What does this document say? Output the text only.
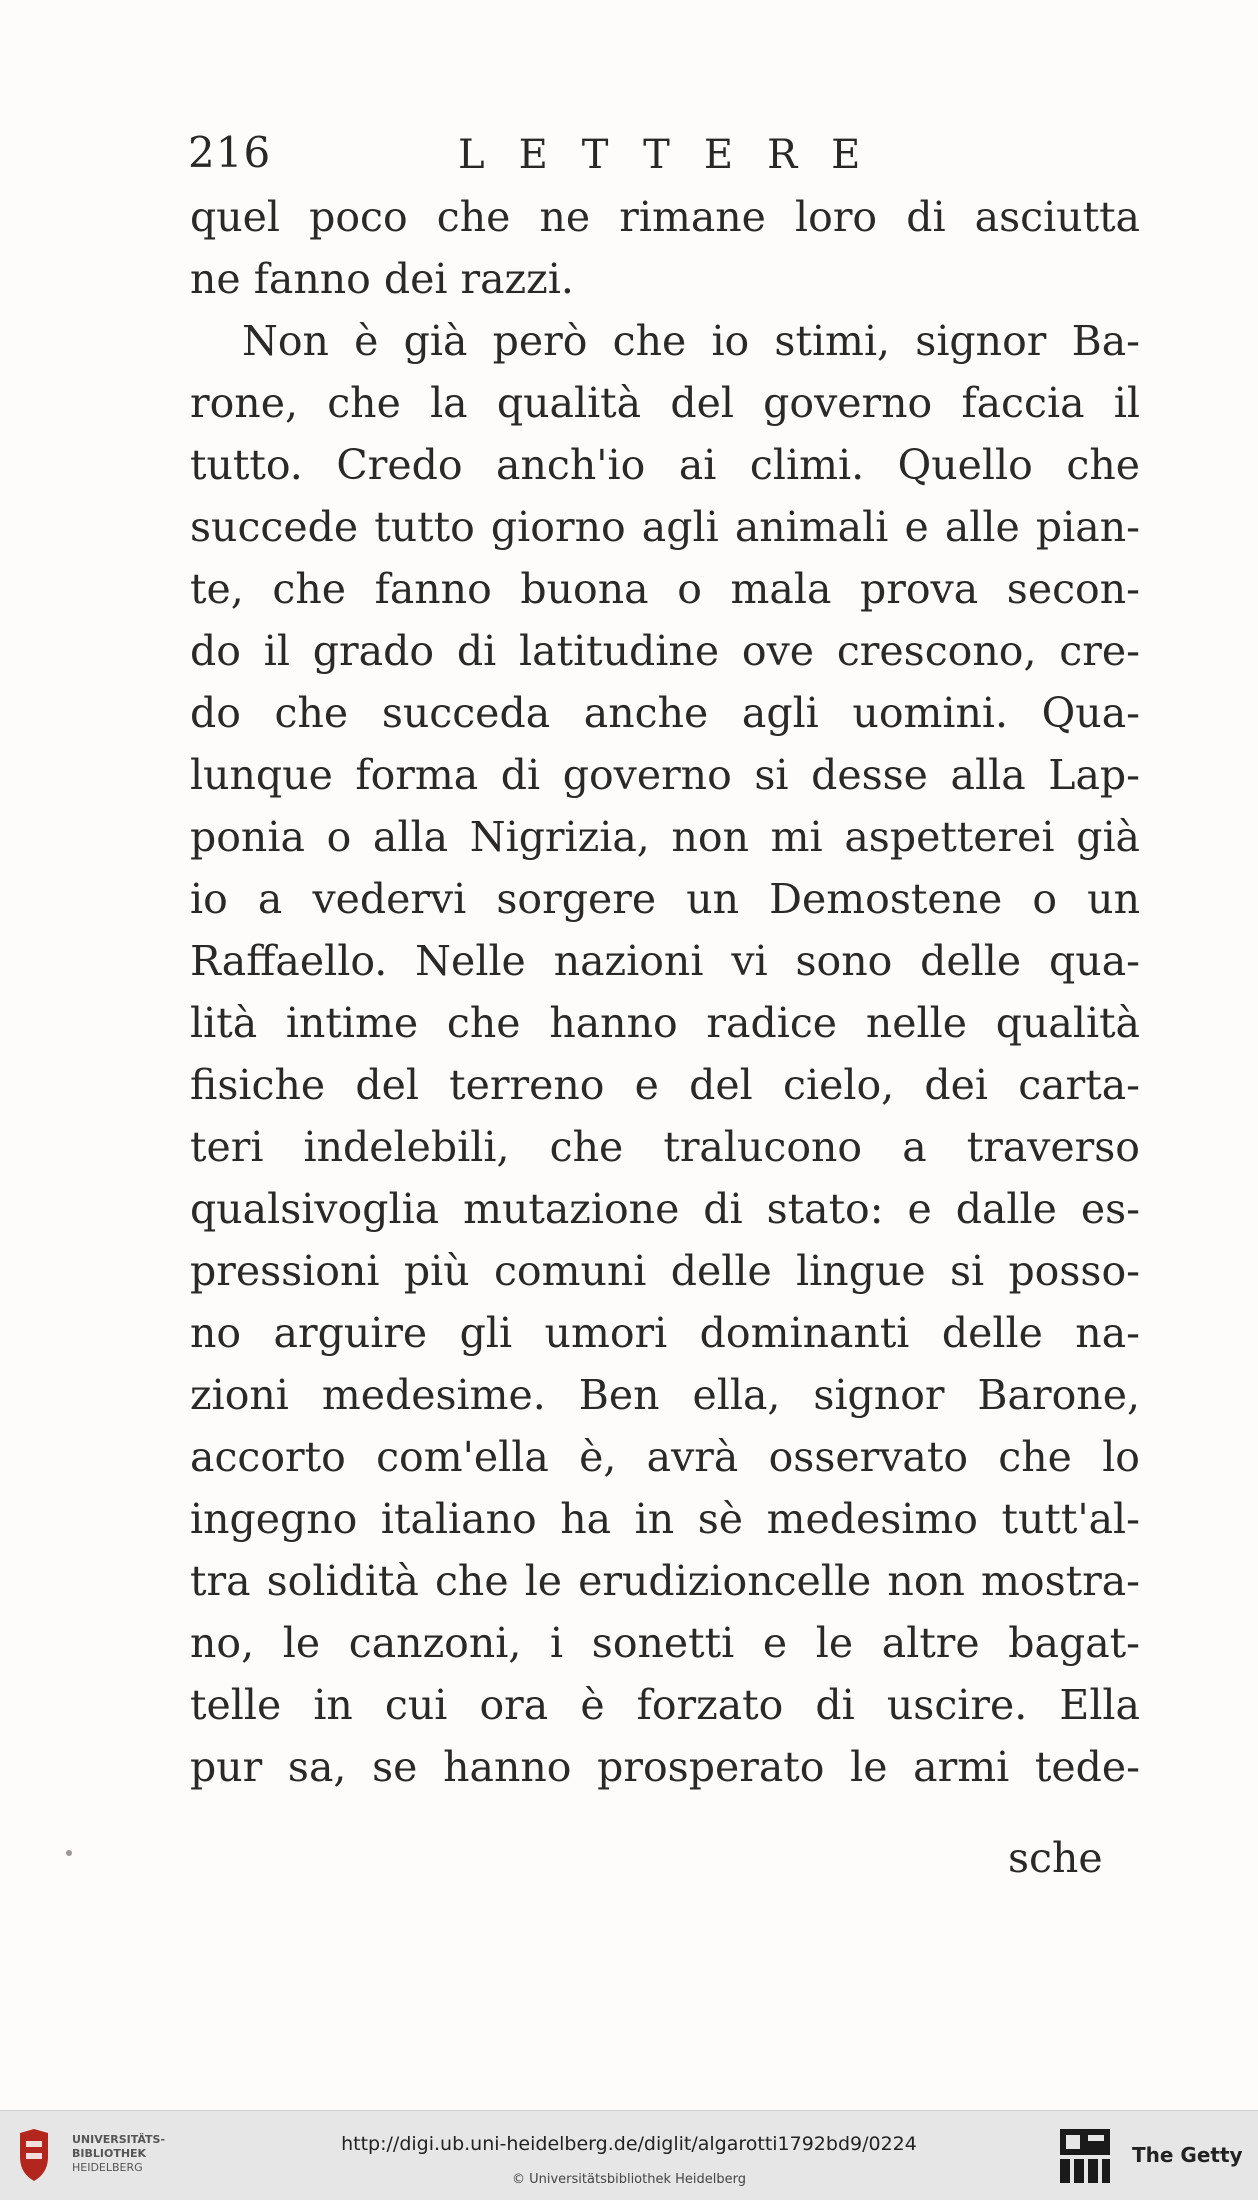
216	LETTERE
quel poco che ne rimane loro di asciutta
ne fanno dei razzi.
Non è già però che io stimi, signor Ba-
rone, che la qualità del governo faccia il
tutto. Credo anch'io ai climi. Quello che
succede tutto giorno agli animali e alle pian-
te, che fanno buona o mala prova secon-
do il grado di latitudine ove crescono, cre-
do che succeda anche agli uomini. Qua-
lunque forma di governo si desse alla Lap-
ponia o alla Nigrizia, non mi aspetterei già
io a vedervi sorgere un Demostene o un
Raffaello. Nelle nazioni vi sono delle qua-
lità intime che hanno radice nelle qualità
fisiche del terreno e del cielo, dei carta-
teri indelebili, che tralucono a traverso
qualsivoglia mutazione di stato: e dalle es-
pressioni più comuni delle lingue si posso-
no arguire gli umori dominanti delle na-
zioni medesime. Ben ella, signor Barone,
accorto com'ella è, avrà osservato che lo
ingegno italiano ha in sè medesimo tutt'al-
tra solidità che le erudizioncelle non mostra-
no, le canzoni, i sonetti e le altre bagat-
telle in cui ora è forzato di uscire. Ella
pur sa, se hanno prosperato le armi tede-
sche
UNIVERSITÄTS-
BIBLIOTHEK
HEIDELBERG
http://digi.ub.uni-heidelberg.de/diglit/algarotti1792bd9/0224
© Universitätsbibliothek Heidelberg
The Getty
